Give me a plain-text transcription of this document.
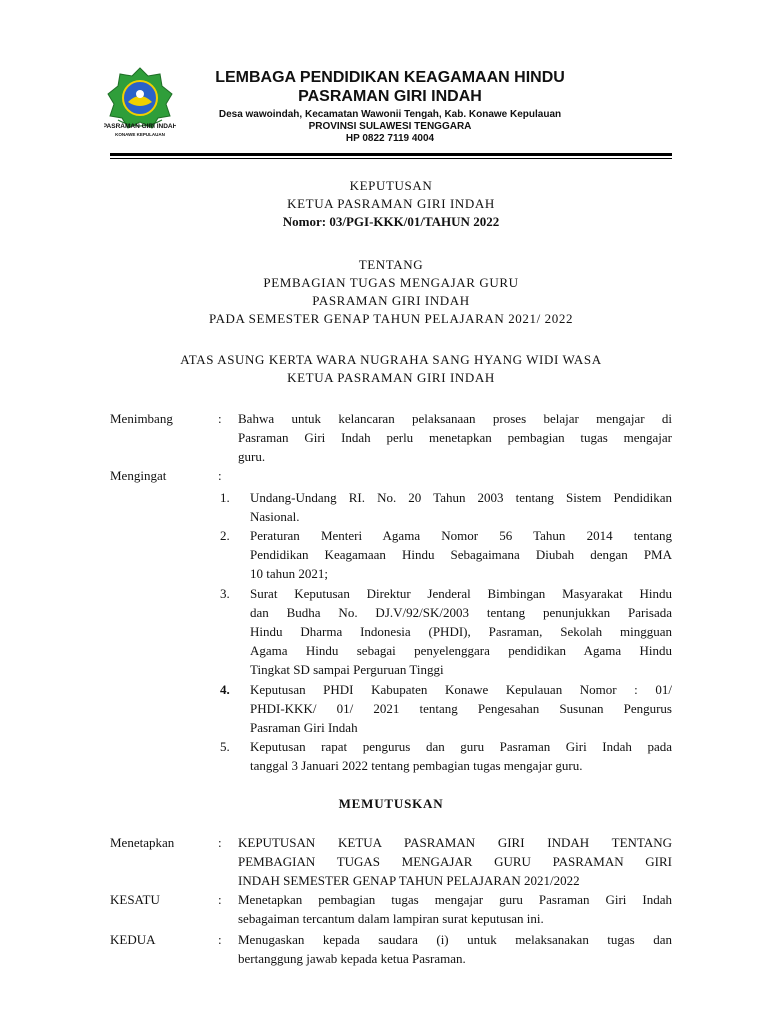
PASRAMAN GIRI INDAH
KONAWE KEPULAUAN
LEMBAGA PENDIDIKAN KEAGAMAAN HINDU
PASRAMAN GIRI INDAH
Desa wawoindah, Kecamatan Wawonii Tengah, Kab. Konawe Kepulauan
PROVINSI SULAWESI TENGGARA
HP 0822 7119 4004
KEPUTUSAN
KETUA PASRAMAN GIRI INDAH
Nomor: 03/PGI-KKK/01/TAHUN 2022
TENTANG
PEMBAGIAN TUGAS MENGAJAR GURU
PASRAMAN GIRI INDAH
PADA SEMESTER GENAP TAHUN PELAJARAN 2021/ 2022
ATAS ASUNG KERTA WARA NUGRAHA SANG HYANG WIDI WASA
KETUA PASRAMAN GIRI INDAH
Menimbang	: Bahwa untuk kelancaran pelaksanaan proses belajar mengajar di
Pasraman Giri Indah perlu menetapkan pembagian tugas mengajar
guru.
Mengingat	:
1. Undang-Undang RI. No. 20 Tahun 2003 tentang Sistem Pendidikan
Nasional.
2. Peraturan Menteri Agama Nomor 56 Tahun 2014 tentang
Pendidikan Keagamaan Hindu Sebagaimana Diubah dengan PMA
10 tahun 2021;
3. Surat Keputusan Direktur Jenderal Bimbingan Masyarakat Hindu
dan Budha No. DJ.V/92/SK/2003 tentang penunjukkan Parisada
Hindu Dharma Indonesia (PHDI), Pasraman, Sekolah mingguan
Agama Hindu sebagai penyelenggara pendidikan Agama Hindu
Tingkat SD sampai Perguruan Tinggi
4. Keputusan PHDI Kabupaten Konawe Kepulauan Nomor : 01/
PHDI-KKK/ 01/ 2021 tentang Pengesahan Susunan Pengurus
Pasraman Giri Indah
5. Keputusan rapat pengurus dan guru Pasraman Giri Indah pada
tanggal 3 Januari 2022 tentang pembagian tugas mengajar guru.
MEMUTUSKAN
Menetapkan	: KEPUTUSAN KETUA PASRAMAN GIRI INDAH TENTANG
PEMBAGIAN TUGAS MENGAJAR GURU PASRAMAN GIRI
INDAH SEMESTER GENAP TAHUN PELAJARAN 2021/2022
KESATU	: Menetapkan pembagian tugas mengajar guru Pasraman Giri Indah
sebagaiman tercantum dalam lampiran surat keputusan ini.
KEDUA	: Menugaskan kepada saudara (i) untuk melaksanakan tugas dan
bertanggung jawab kepada ketua Pasraman.
